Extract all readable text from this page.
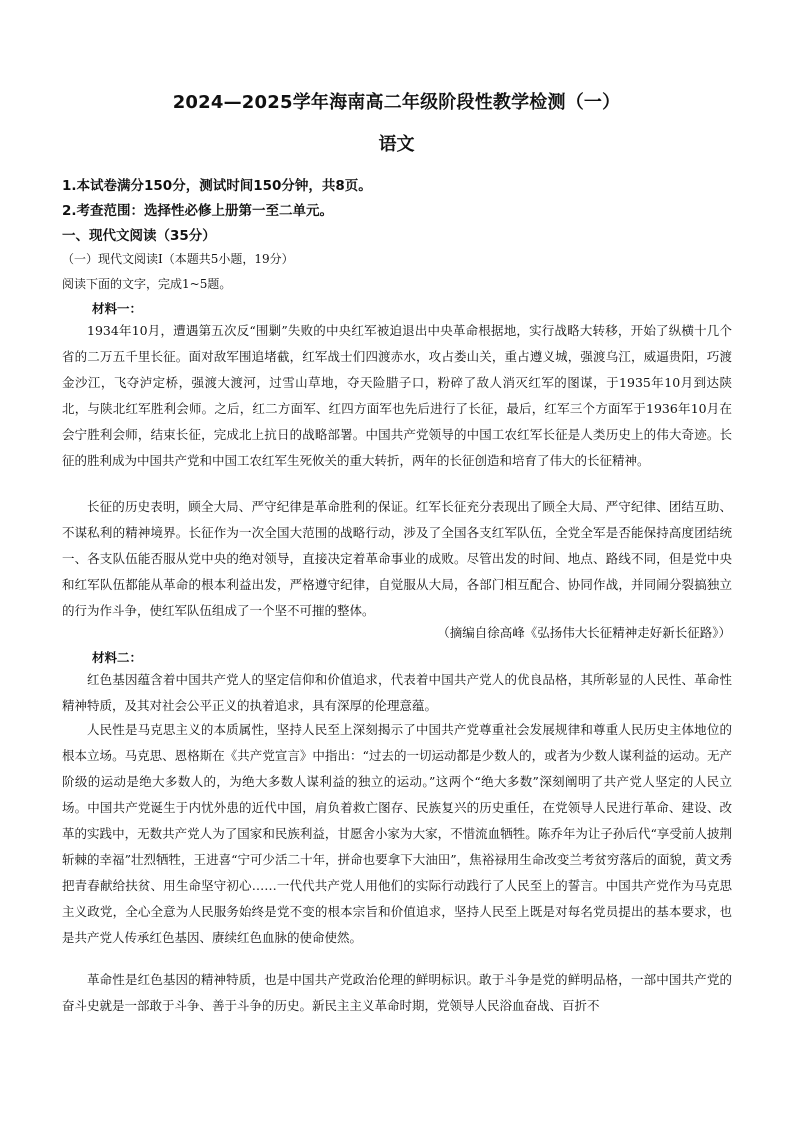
2024—2025学年海南高二年级阶段性教学检测（一）
语文
1.本试卷满分150分，测试时间150分钟，共8页。
2.考查范围：选择性必修上册第一至二单元。
一、现代文阅读（35分）
（一）现代文阅读Ⅰ（本题共5小题，19分）
阅读下面的文字，完成1~5题。
材料一：

1934年10月，遭遇第五次反“围剿”失败的中央红军被迫退出中央革命根据地，实行战略大转移，开始了纵横十几个省的二万五千里长征。面对敌军围追堵截，红军战士们四渡赤水，攻占娄山关，重占遵义城，强渡乌江，威逼贵阳，巧渡金沙江，飞夺泸定桥，强渡大渡河，过雪山草地，夺天险腊子口，粉碎了敌人消灭红军的图谋，于1935年10月到达陕北，与陕北红军胜利会师。之后，红二方面军、红四方面军也先后进行了长征，最后，红军三个方面军于1936年10月在会宁胜利会师，结束长征，完成北上抗日的战略部署。中国共产党领导的中国工农红军长征是人类历史上的伟大奇迹。长征的胜利成为中国共产党和中国工农红军生死攸关的重大转折，两年的长征创造和培育了伟大的长征精神。

长征的历史表明，顾全大局、严守纪律是革命胜利的保证。红军长征充分表现出了顾全大局、严守纪律、团结互助、不谋私利的精神境界。长征作为一次全国大范围的战略行动，涉及了全国各支红军队伍，全党全军是否能保持高度团结统一、各支队伍能否服从党中央的绝对领导，直接决定着革命事业的成败。尽管出发的时间、地点、路线不同，但是党中央和红军队伍都能从革命的根本利益出发，严格遵守纪律，自觉服从大局，各部门相互配合、协同作战，并同闹分裂搞独立的行为作斗争，使红军队伍组成了一个坚不可摧的整体。

（摘编自徐高峰《弘扬伟大长征精神走好新长征路》）
材料二：

红色基因蕴含着中国共产党人的坚定信仰和价值追求，代表着中国共产党人的优良品格，其所彰显的人民性、革命性精神特质，及其对社会公平正义的执着追求，具有深厚的伦理意蕴。

人民性是马克思主义的本质属性，坚持人民至上深刻揭示了中国共产党尊重社会发展规律和尊重人民历史主体地位的根本立场。马克思、恩格斯在《共产党宣言》中指出：“过去的一切运动都是少数人的，或者为少数人谋利益的运动。无产阶级的运动是绝大多数人的，为绝大多数人谋利益的独立的运动。”这两个“绝大多数”深刻阐明了共产党人坚定的人民立场。中国共产党诞生于内忧外患的近代中国，肩负着救亡图存、民族复兴的历史重任，在党领导人民进行革命、建设、改革的实践中，无数共产党人为了国家和民族利益，甘愿舍小家为大家，不惜流血牺牲。陈乔年为让子孙后代“享受前人披荆斩棘的幸福”壮烈牺牲，王进喜“宁可少活二十年，拼命也要拿下大油田”，焦裕禄用生命改变兰考贫穷落后的面貌，黄文秀把青春献给扶贫、用生命坚守初心……一代代共产党人用他们的实际行动践行了人民至上的誓言。中国共产党作为马克思主义政党，全心全意为人民服务始终是党不变的根本宗旨和价值追求，坚持人民至上既是对每名党员提出的基本要求，也是共产党人传承红色基因、赓续红色血脉的使命使然。

革命性是红色基因的精神特质，也是中国共产党政治伦理的鲜明标识。敢于斗争是党的鲜明品格，一部中国共产党的奋斗史就是一部敢于斗争、善于斗争的历史。新民主主义革命时期，党领导人民浴血奋战、百折不
